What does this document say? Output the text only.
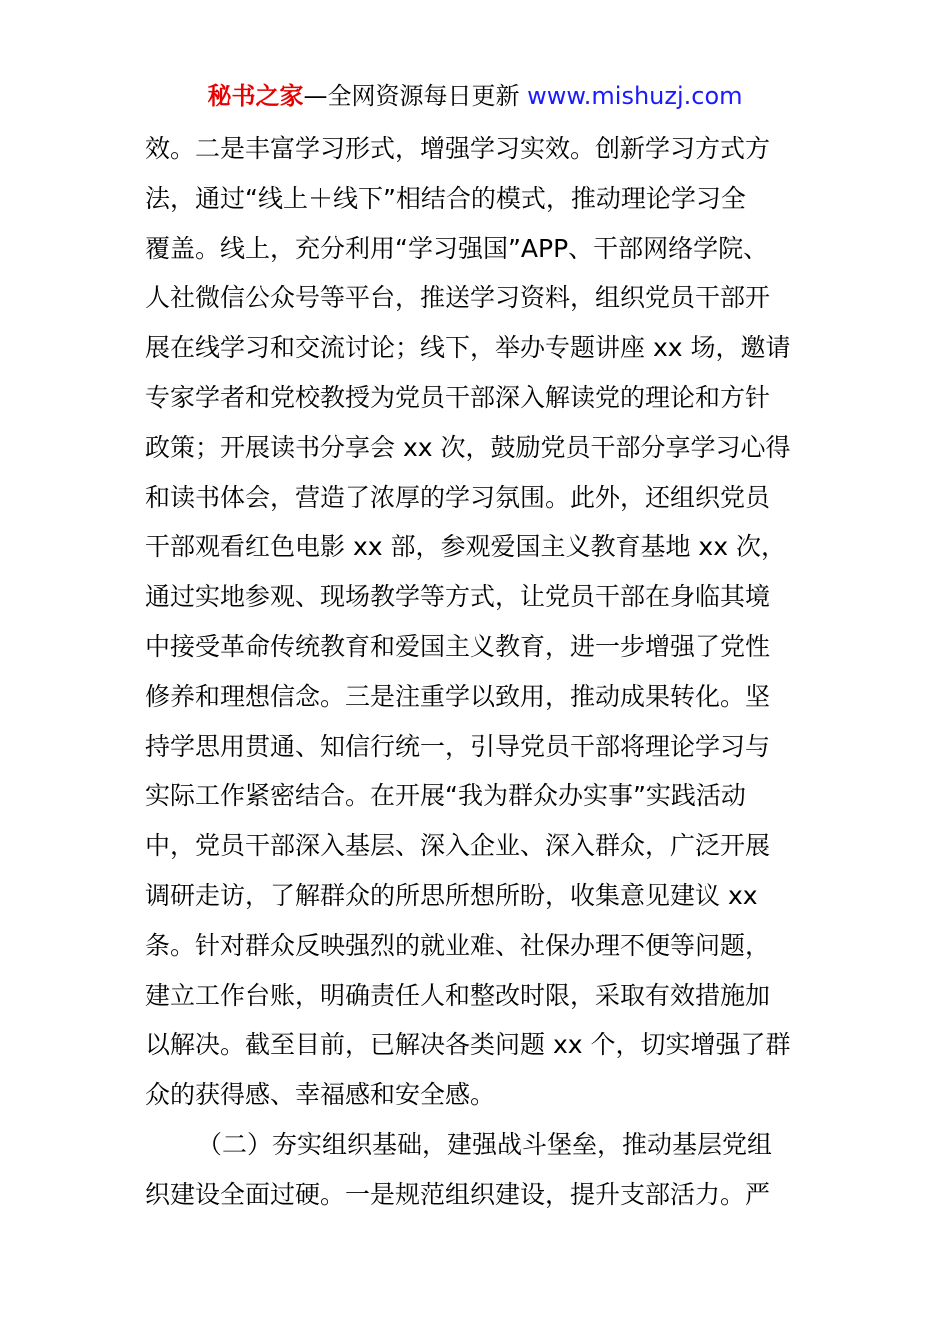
秘书之家—全网资源每日更新 www.mishuzj.com
效。二是丰富学习形式，增强学习实效。创新学习方式方
法，通过“线上＋线下”相结合的模式，推动理论学习全
覆盖。线上，充分利用“学习强国”APP、干部网络学院、
人社微信公众号等平台，推送学习资料，组织党员干部开
展在线学习和交流讨论；线下，举办专题讲座 xx 场，邀请
专家学者和党校教授为党员干部深入解读党的理论和方针
政策；开展读书分享会 xx 次，鼓励党员干部分享学习心得
和读书体会，营造了浓厚的学习氛围。此外，还组织党员
干部观看红色电影 xx 部，参观爱国主义教育基地 xx 次，
通过实地参观、现场教学等方式，让党员干部在身临其境
中接受革命传统教育和爱国主义教育，进一步增强了党性
修养和理想信念。三是注重学以致用，推动成果转化。坚
持学思用贯通、知信行统一，引导党员干部将理论学习与
实际工作紧密结合。在开展“我为群众办实事”实践活动
中，党员干部深入基层、深入企业、深入群众，广泛开展
调研走访，了解群众的所思所想所盼，收集意见建议 xx
条。针对群众反映强烈的就业难、社保办理不便等问题，
建立工作台账，明确责任人和整改时限，采取有效措施加
以解决。截至目前，已解决各类问题 xx 个，切实增强了群
众的获得感、幸福感和安全感。
（二）夯实组织基础，建强战斗堡垒，推动基层党组
织建设全面过硬。一是规范组织建设，提升支部活力。严
